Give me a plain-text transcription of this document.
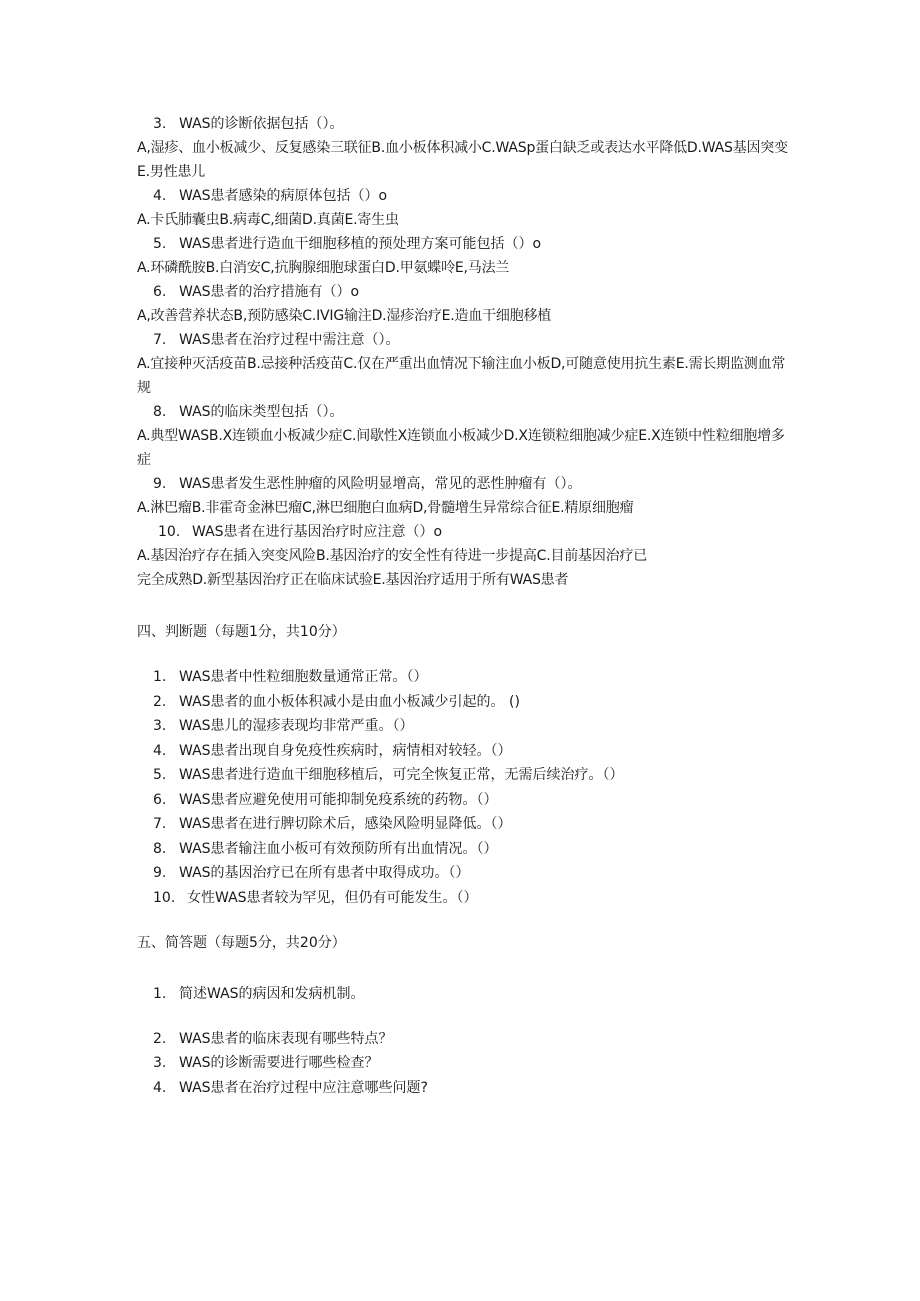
3. WAS的诊断依据包括（）。
A,湿疹、血小板减少、反复感染三联征B.血小板体积减小C.WASp蛋白缺乏或表达水平降低D.WAS基因突变E.男性患儿
4. WAS患者感染的病原体包括（）o
A.卡氏肺囊虫B.病毒C,细菌D.真菌E.寄生虫
5. WAS患者进行造血干细胞移植的预处理方案可能包括（）o
A.环磷酰胺B.白消安C,抗胸腺细胞球蛋白D.甲氨蝶呤E,马法兰
6. WAS患者的治疗措施有（）o
A,改善营养状态B,预防感染C.IVIG输注D.湿疹治疗E.造血干细胞移植
7. WAS患者在治疗过程中需注意（）。
A.宜接种灭活疫苗B.忌接种活疫苗C.仅在严重出血情况下输注血小板D,可随意使用抗生素E.需长期监测血常规
8. WAS的临床类型包括（）。
A.典型WASB.X连锁血小板减少症C.间歇性X连锁血小板减少D.X连锁粒细胞减少症E.X连锁中性粒细胞增多症
9. WAS患者发生恶性肿瘤的风险明显增高，常见的恶性肿瘤有（）。
A.淋巴瘤B.非霍奇金淋巴瘤C,淋巴细胞白血病D,骨髓增生异常综合征E.精原细胞瘤
10. WAS患者在进行基因治疗时应注意（）o
A.基因治疗存在插入突变风险B.基因治疗的安全性有待进一步提高C.目前基因治疗已
完全成熟D.新型基因治疗正在临床试验E.基因治疗适用于所有WAS患者
四、判断题（每题1分，共10分）
1. WAS患者中性粒细胞数量通常正常。（）
2. WAS患者的血小板体积减小是由血小板减少引起的。 ()
3. WAS患儿的湿疹表现均非常严重。（）
4. WAS患者出现自身免疫性疾病时，病情相对较轻。（）
5. WAS患者进行造血干细胞移植后，可完全恢复正常，无需后续治疗。（）
6. WAS患者应避免使用可能抑制免疫系统的药物。（）
7. WAS患者在进行脾切除术后，感染风险明显降低。（）
8. WAS患者输注血小板可有效预防所有出血情况。（）
9. WAS的基因治疗已在所有患者中取得成功。（）
10. 女性WAS患者较为罕见，但仍有可能发生。（）
五、简答题（每题5分，共20分）
1. 简述WAS的病因和发病机制。
2. WAS患者的临床表现有哪些特点？
3. WAS的诊断需要进行哪些检查？
4. WAS患者在治疗过程中应注意哪些问题?
